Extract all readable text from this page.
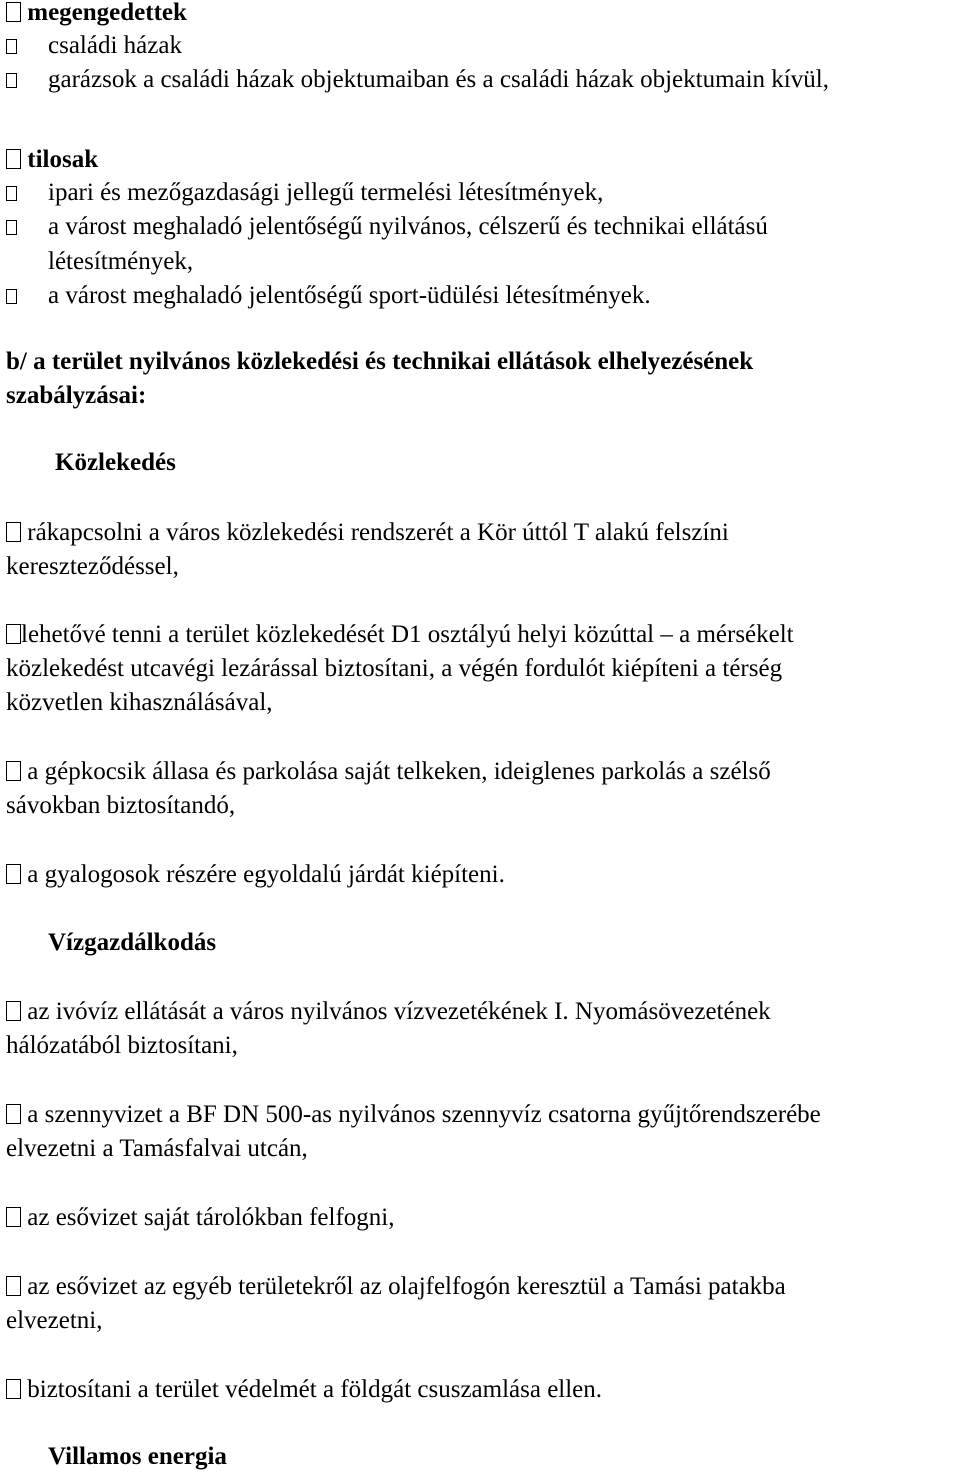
megengedettek
családi házak
garázsok a családi házak objektumaiban és a családi házak objektumain kívül,
tilosak
ipari és mezőgazdasági jellegű termelési létesítmények,
a várost meghaladó jelentőségű nyilvános, célszerű és technikai ellátású
létesítmények,
a várost meghaladó jelentőségű sport-üdülési létesítmények.
b/ a terület nyilvános közlekedési és technikai ellátások elhelyezésének
szabályzásai:
Közlekedés
rákapcsolni a város közlekedési rendszerét a Kör úttól T alakú felszíni
kereszteződéssel,
lehetővé tenni a terület közlekedését D1 osztályú helyi közúttal – a mérsékelt
közlekedést utcavégi lezárással biztosítani, a végén fordulót kiépíteni a térség
közvetlen kihasználásával,
a gépkocsik állasa és parkolása saját telkeken, ideiglenes parkolás a szélső
sávokban biztosítandó,
a gyalogosok részére egyoldalú járdát kiépíteni.
Vízgazdálkodás
az ivóvíz ellátását a város nyilvános vízvezetékének I. Nyomásövezetének
hálózatából biztosítani,
a szennyvizet a BF DN 500-as nyilvános szennyvíz csatorna gyűjtőrendszerébe
elvezetni a Tamásfalvai utcán,
az esővizet saját tárolókban felfogni,
az esővizet az egyéb területekről az olajfelfogón keresztül a Tamási patakba
elvezetni,
biztosítani a terület védelmét a földgát csuszamlása ellen.
Villamos energia
